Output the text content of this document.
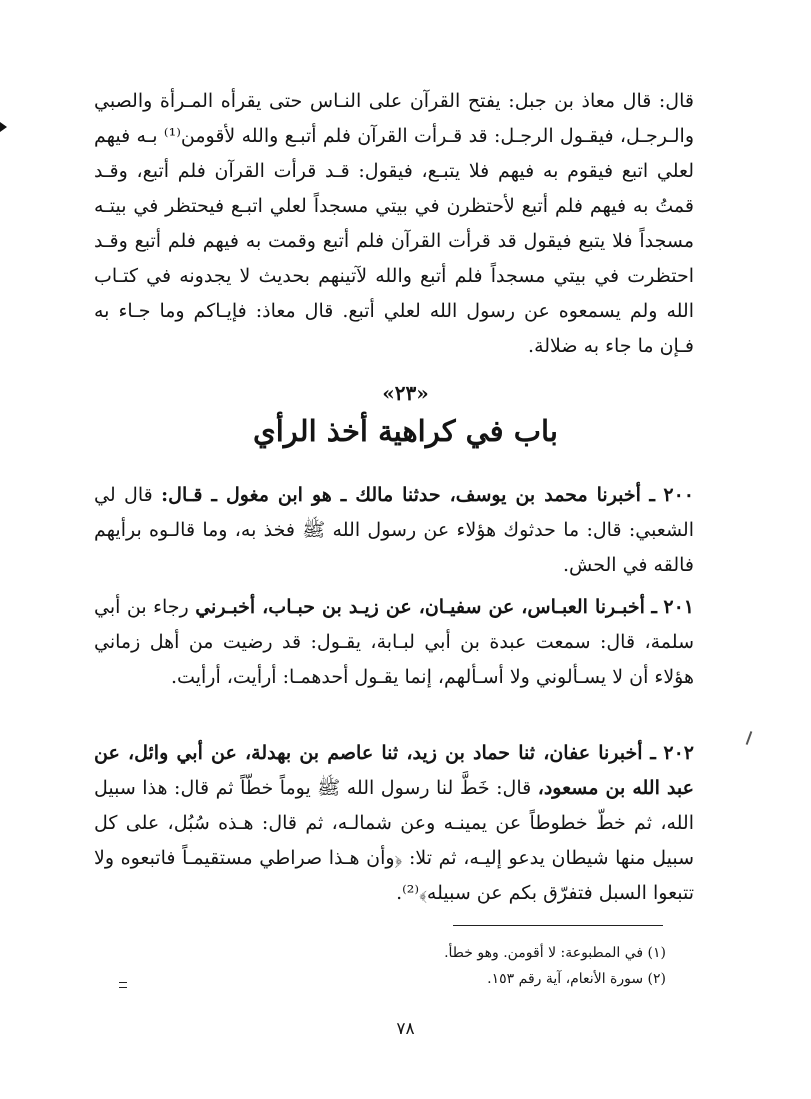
قال: قال معاذ بن جبل: يفتح القرآن على النـاس حتى يقرأه المـرأة والصبي والـرجـل، فيقـول الرجـل: قد قـرأت القرآن فلم أتبـع والله لأقومن⁽¹⁾ بـه فيهم لعلي اتبع فيقوم به فيهم فلا يتبـع، فيقول: قـد قرأت القرآن فلم أتبع، وقـد قمتُ به فيهم فلم أتبع لأحتظرن في بيتي مسجداً لعلي اتبـع فيحتظر في بيتـه مسجداً فلا يتبع فيقول قد قرأت القرآن فلم أتبع وقمت به فيهم فلم أتبع وقـد احتظرت في بيتي مسجداً فلم أتبع والله لآتينهم بحديث لا يجدونه في كتـاب الله ولم يسمعوه عن رسول الله لعلي أتبع. قال معاذ: فإيـاكم وما جـاء به فـإن ما جاء به ضلالة.
«٢٣»
باب في كراهية أخذ الرأي
٢٠٠ ـ أخبرنا محمد بن يوسف، حدثنا مالك ـ هو ابن مغول ـ قـال: قال لي الشعبي: قال: ما حدثوك هؤلاء عن رسول الله ﷺ فخذ به، وما قالـوه برأيهم فالقه في الحش.
٢٠١ ـ أخبـرنا العبـاس، عن سفيـان، عن زيـد بن حبـاب، أخبـرني رجاء بن أبي سلمة، قال: سمعت عبدة بن أبي لبـابة، يقـول: قد رضيت من أهل زماني هؤلاء أن لا يسـألوني ولا أسـألهم، إنما يقـول أحدهمـا: أرأيت، أرأيت.
٢٠٢ ـ أخبرنا عفان، ثنا حماد بن زيد، ثنا عاصم بن بهدلة، عن أبي وائل، عن عبد الله بن مسعود، قال: خَطَّ لنا رسول الله ﷺ يوماً خطّاً ثم قال: هذا سبيل الله، ثم خطّ خطوطاً عن يمينـه وعن شمالـه، ثم قال: هـذه سُبُل، على كل سبيل منها شيطان يدعو إليـه، ثم تلا: ﴿وأن هـذا صراطي مستقيمـاً فاتبعوه ولا تتبعوا السبل فتفرّق بكم عن سبيله﴾⁽²⁾.
(١) في المطبوعة: لا أقومن. وهو خطأ.
(٢) سورة الأنعام، آية رقم ١٥٣.
٧٨
